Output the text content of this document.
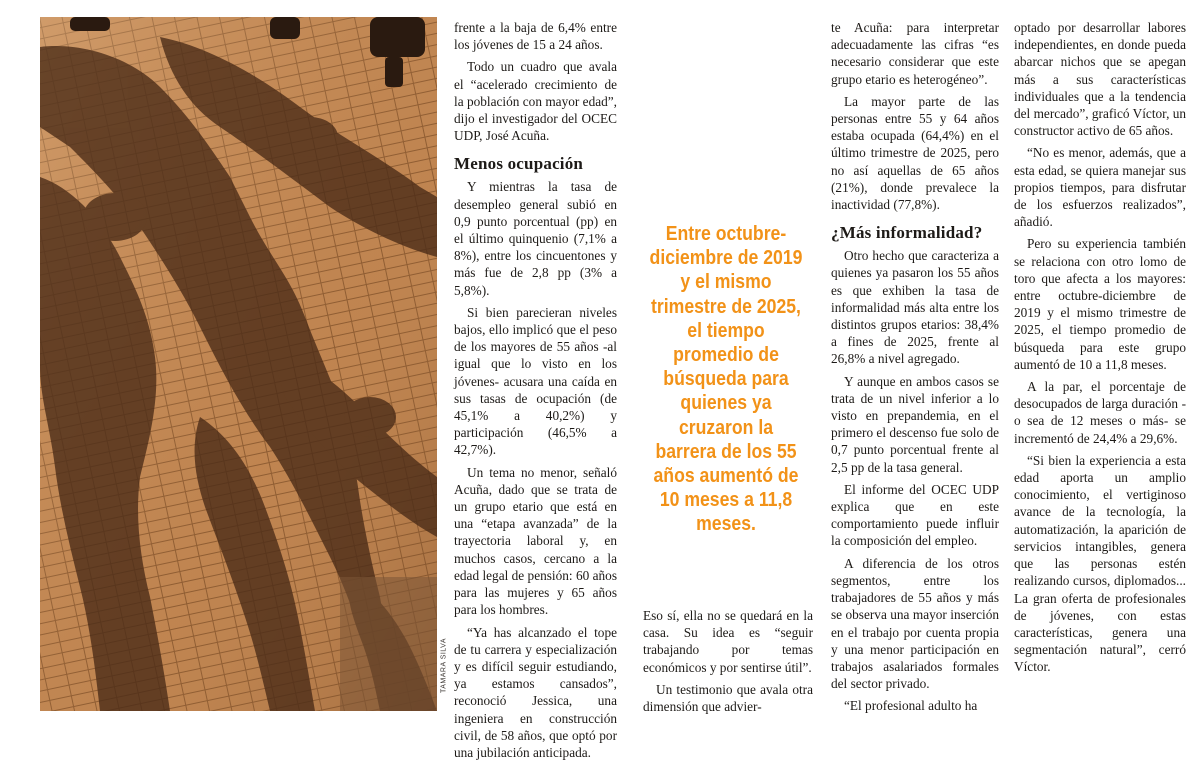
TAMARA SILVA

frente a la baja de 6,4% entre los jóvenes de 15 a 24 años.

Todo un cuadro que avala el “acelerado crecimiento de la población con mayor edad”, dijo el investigador del OCEC UDP, José Acuña.

Menos ocupación

Y mientras la tasa de desempleo general subió en 0,9 punto porcentual (pp) en el último quinquenio (7,1% a 8%), entre los cincuentones y más fue de 2,8 pp (3% a 5,8%).

Si bien parecieran niveles bajos, ello implicó que el peso de los mayores de 55 años -al igual que lo visto en los jóvenes- acusara una caída en sus tasas de ocupación (de 45,1% a 40,2%) y participación (46,5% a 42,7%).

Un tema no menor, señaló Acuña, dado que se trata de un grupo etario que está en una “etapa avanzada” de la trayectoria laboral y, en muchos casos, cercano a la edad legal de pensión: 60 años para las mujeres y 65 años para los hombres.

“Ya has alcanzado el tope de tu carrera y especialización y es difícil seguir estudiando, ya estamos cansados”, reconoció Jessica, una ingeniera en construcción civil, de 58 años, que optó por una jubilación anticipada.

Entre octubre-diciembre de 2019 y el mismo trimestre de 2025, el tiempo promedio de búsqueda para quienes ya cruzaron la barrera de los 55 años aumentó de 10 meses a 11,8 meses.

Eso sí, ella no se quedará en la casa. Su idea es “seguir trabajando por temas económicos y por sentirse útil”.

Un testimonio que avala otra dimensión que advier-

te Acuña: para interpretar adecuadamente las cifras “es necesario considerar que este grupo etario es heterogéneo”.

La mayor parte de las personas entre 55 y 64 años estaba ocupada (64,4%) en el último trimestre de 2025, pero no así aquellas de 65 años (21%), donde prevalece la inactividad (77,8%).

¿Más informalidad?

Otro hecho que caracteriza a quienes ya pasaron los 55 años es que exhiben la tasa de informalidad más alta entre los distintos grupos etarios: 38,4% a fines de 2025, frente al 26,8% a nivel agregado.

Y aunque en ambos casos se trata de un nivel inferior a lo visto en prepandemia, en el primero el descenso fue solo de 0,7 punto porcentual frente al 2,5 pp de la tasa general.

El informe del OCEC UDP explica que en este comportamiento puede influir la composición del empleo.

A diferencia de los otros segmentos, entre los trabajadores de 55 años y más se observa una mayor inserción en el trabajo por cuenta propia y una menor participación en trabajos asalariados formales del sector privado.

“El profesional adulto ha

optado por desarrollar labores independientes, en donde pueda abarcar nichos que se apegan más a sus características individuales que a la tendencia del mercado”, graficó Víctor, un constructor activo de 65 años.

“No es menor, además, que a esta edad, se quiera manejar sus propios tiempos, para disfrutar de los esfuerzos realizados”, añadió.

Pero su experiencia también se relaciona con otro lomo de toro que afecta a los mayores: entre octubre-diciembre de 2019 y el mismo trimestre de 2025, el tiempo promedio de búsqueda para este grupo aumentó de 10 a 11,8 meses.

A la par, el porcentaje de desocupados de larga duración -o sea de 12 meses o más- se incrementó de 24,4% a 29,6%.

“Si bien la experiencia a esta edad aporta un amplio conocimiento, el vertiginoso avance de la tecnología, la automatización, la aparición de servicios intangibles, genera que las personas estén realizando cursos, diplomados... La gran oferta de profesionales de jóvenes, con estas características, genera una segmentación natural”, cerró Víctor.
